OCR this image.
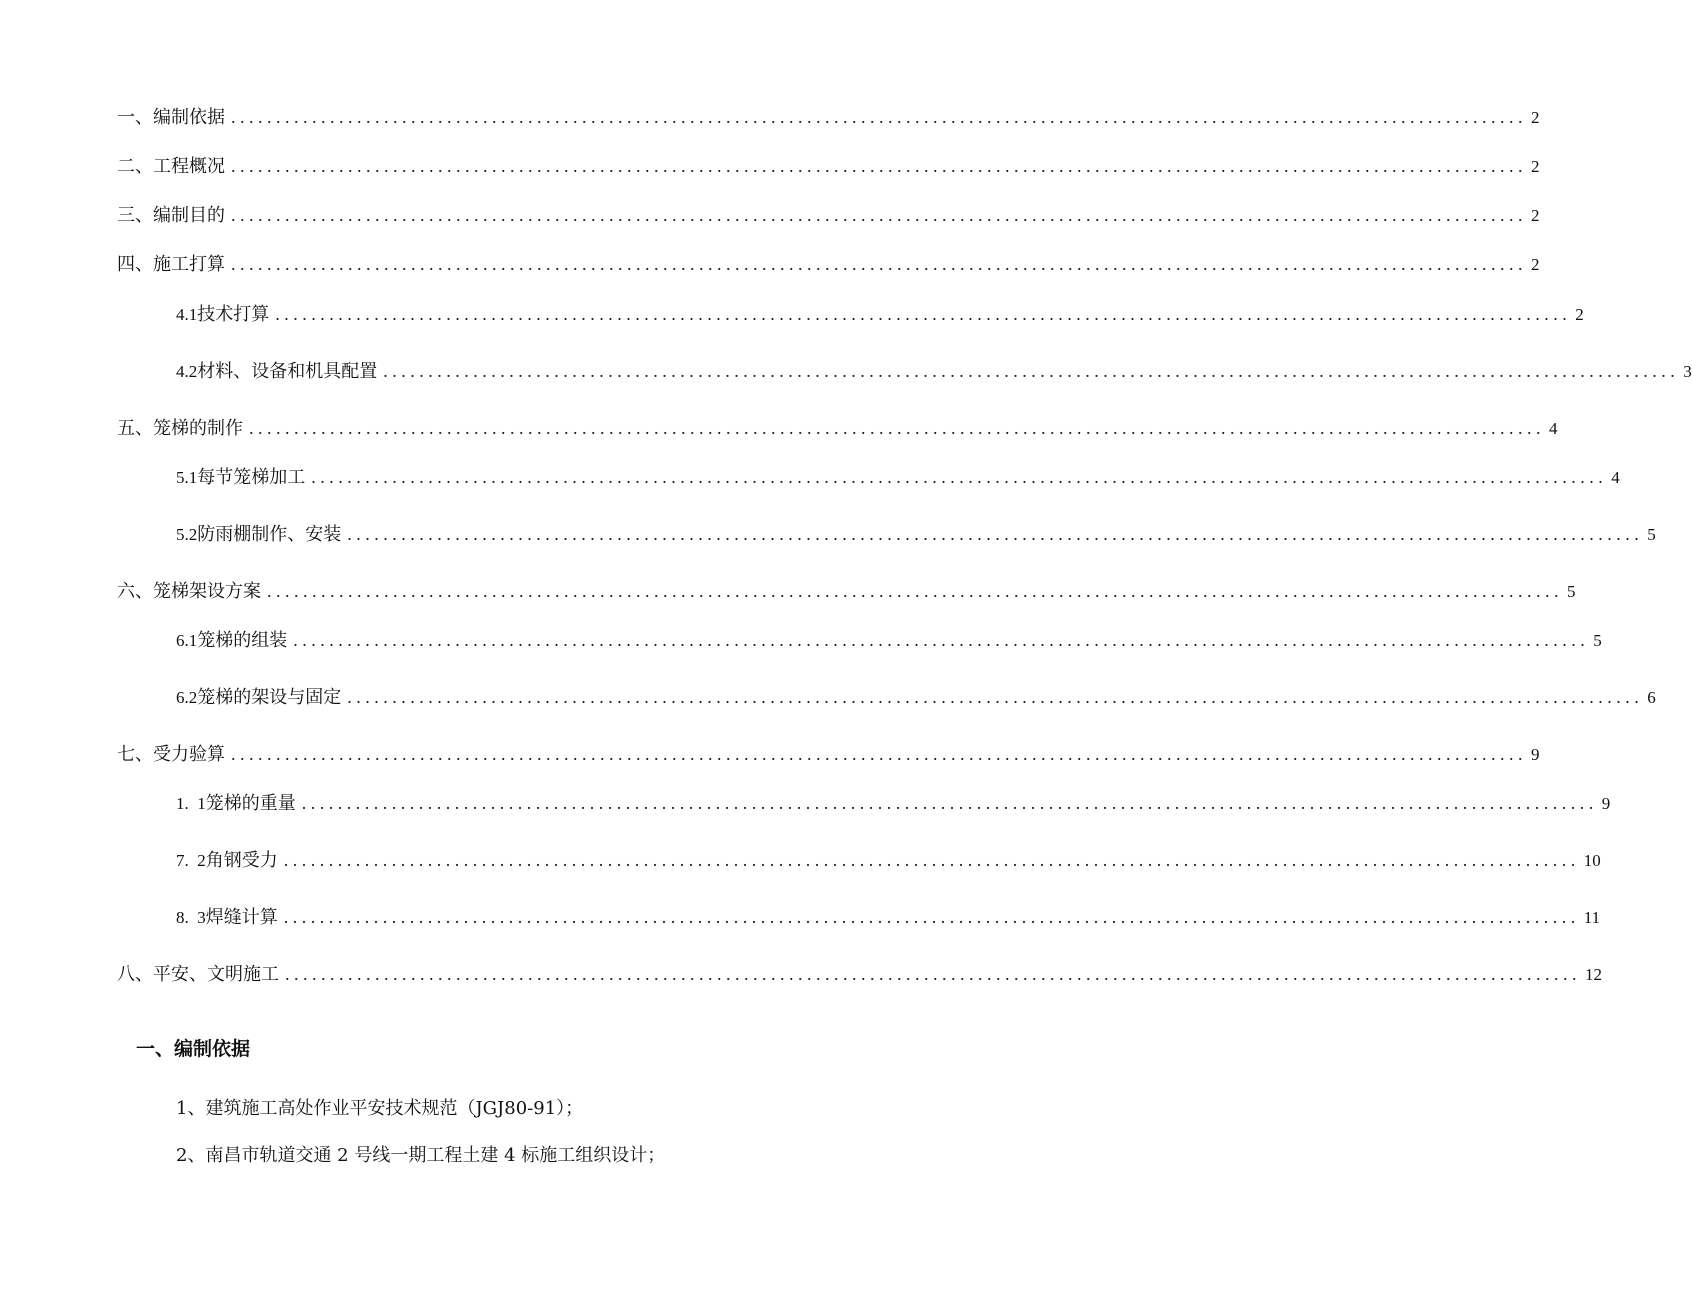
一、编制依据 ................................................................................................................................................ 2
二、工程概况 ................................................................................................................................................ 2
三、编制目的 ................................................................................................................................................ 2
四、施工打算 ................................................................................................................................................ 2
4.1 技术打算 ................................................................................................................................................ 2
4.2 材料、设备和机具配置 ................................................................................................................................................ 3
五、笼梯的制作 ................................................................................................................................................ 4
5.1 每节笼梯加工 ................................................................................................................................................ 4
5.2 防雨棚制作、安装 ................................................................................................................................................ 5
六、笼梯架设方案 ................................................................................................................................................ 5
6.1 笼梯的组装 ................................................................................................................................................ 5
6.2 笼梯的架设与固定 ................................................................................................................................................ 6
七、受力验算 ................................................................................................................................................ 9
1.  1 笼梯的重量 ................................................................................................................................................ 9
7.  2 角钢受力 ................................................................................................................................................ 10
8.  3 焊缝计算 ................................................................................................................................................ 11
八、平安、文明施工 ................................................................................................................................................ 12
一、编制依据
1、建筑施工高处作业平安技术规范（JGJ80-91）；
2、南昌市轨道交通 2 号线一期工程土建 4 标施工组织设计；
